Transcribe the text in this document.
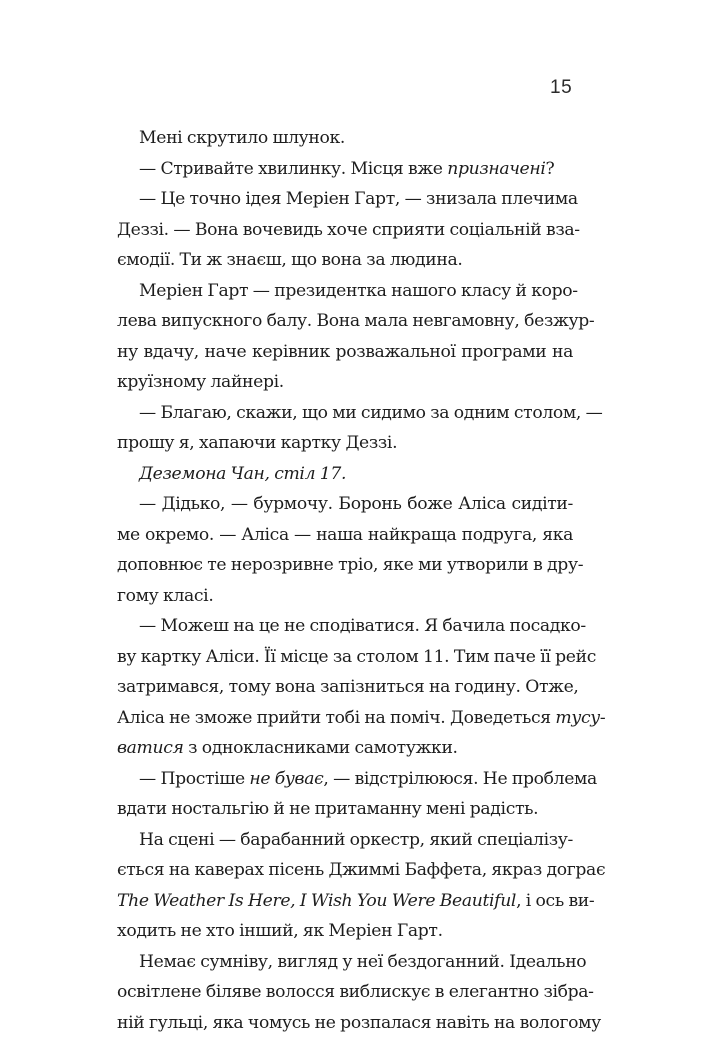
15
Мені скрутило шлунок.
— Стривайте хвилинку. Місця вже призначені?
— Це точно ідея Меріен Гарт, — знизала плечима
Деззі. — Вона вочевидь хоче сприяти соціальній вза-
ємодії. Ти ж знаєш, що вона за людина.
Меріен Гарт — президентка нашого класу й коро-
лева випускного балу. Вона мала невгамовну, безжур-
ну вдачу, наче керівник розважальної програми на
круїзному лайнері.
— Благаю, скажи, що ми сидимо за одним столом, —
прошу я, хапаючи картку Деззі.
Деземона Чан, стіл 17.
— Дідько, — бурмочу. Боронь боже Аліса сидіти-
ме окремо. — Аліса — наша найкраща подруга, яка
доповнює те нерозривне тріо, яке ми утворили в дру-
гому класі.
— Можеш на це не сподіватися. Я бачила посадко-
ву картку Аліси. Її місце за столом 11. Тим паче її рейс
затримався, тому вона запізниться на годину. Отже,
Аліса не зможе прийти тобі на поміч. Доведеться тусу-
ватися з однокласниками самотужки.
— Простіше не буває, — відстрілююся. Не проблема
вдати ностальгію й не притаманну мені радість.
На сцені — барабанний оркестр, який спеціалізу-
ється на каверах пісень Джиммі Баффета, якраз дограє
The Weather Is Here, I Wish You Were Beautiful, і ось ви-
ходить не хто інший, як Меріен Гарт.
Немає сумніву, вигляд у неї бездоганний. Ідеально
освітлене біляве волосся виблискує в елегантно зібра-
ній гульці, яка чомусь не розпалася навіть на вологому
